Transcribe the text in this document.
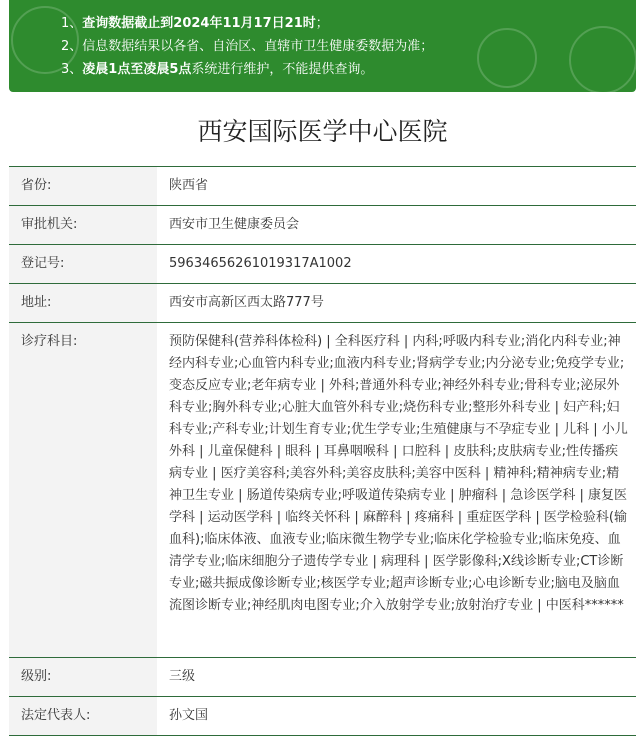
1、查询数据截止到2024年11月17日21时；
2、信息数据结果以各省、自治区、直辖市卫生健康委数据为准；
3、凌晨1点至凌晨5点系统进行维护，不能提供查询。
西安国际医学中心医院
省份:	陕西省
审批机关:	西安市卫生健康委员会
登记号:	59634656261019317A1002
地址:	西安市高新区西太路777号
诊疗科目:	预防保健科(营养科体检科) | 全科医疗科 | 内科;呼吸内科专业;消化内科专业;神经内科专业;心血管内科专业;血液内科专业;肾病学专业;内分泌专业;免疫学专业;变态反应专业;老年病专业 | 外科;普通外科专业;神经外科专业;骨科专业;泌尿外科专业;胸外科专业;心脏大血管外科专业;烧伤科专业;整形外科专业 | 妇产科;妇科专业;产科专业;计划生育专业;优生学专业;生殖健康与不孕症专业 | 儿科 | 小儿外科 | 儿童保健科 | 眼科 | 耳鼻咽喉科 | 口腔科 | 皮肤科;皮肤病专业;性传播疾病专业 | 医疗美容科;美容外科;美容皮肤科;美容中医科 | 精神科;精神病专业;精神卫生专业 | 肠道传染病专业;呼吸道传染病专业 | 肿瘤科 | 急诊医学科 | 康复医学科 | 运动医学科 | 临终关怀科 | 麻醉科 | 疼痛科 | 重症医学科 | 医学检验科(输血科);临床体液、血液专业;临床微生物学专业;临床化学检验专业;临床免疫、血清学专业;临床细胞分子遗传学专业 | 病理科 | 医学影像科;X线诊断专业;CT诊断专业;磁共振成像诊断专业;核医学专业;超声诊断专业;心电诊断专业;脑电及脑血流图诊断专业;神经肌肉电图专业;介入放射学专业;放射治疗专业 | 中医科******
级别:	三级
法定代表人:	孙文国
